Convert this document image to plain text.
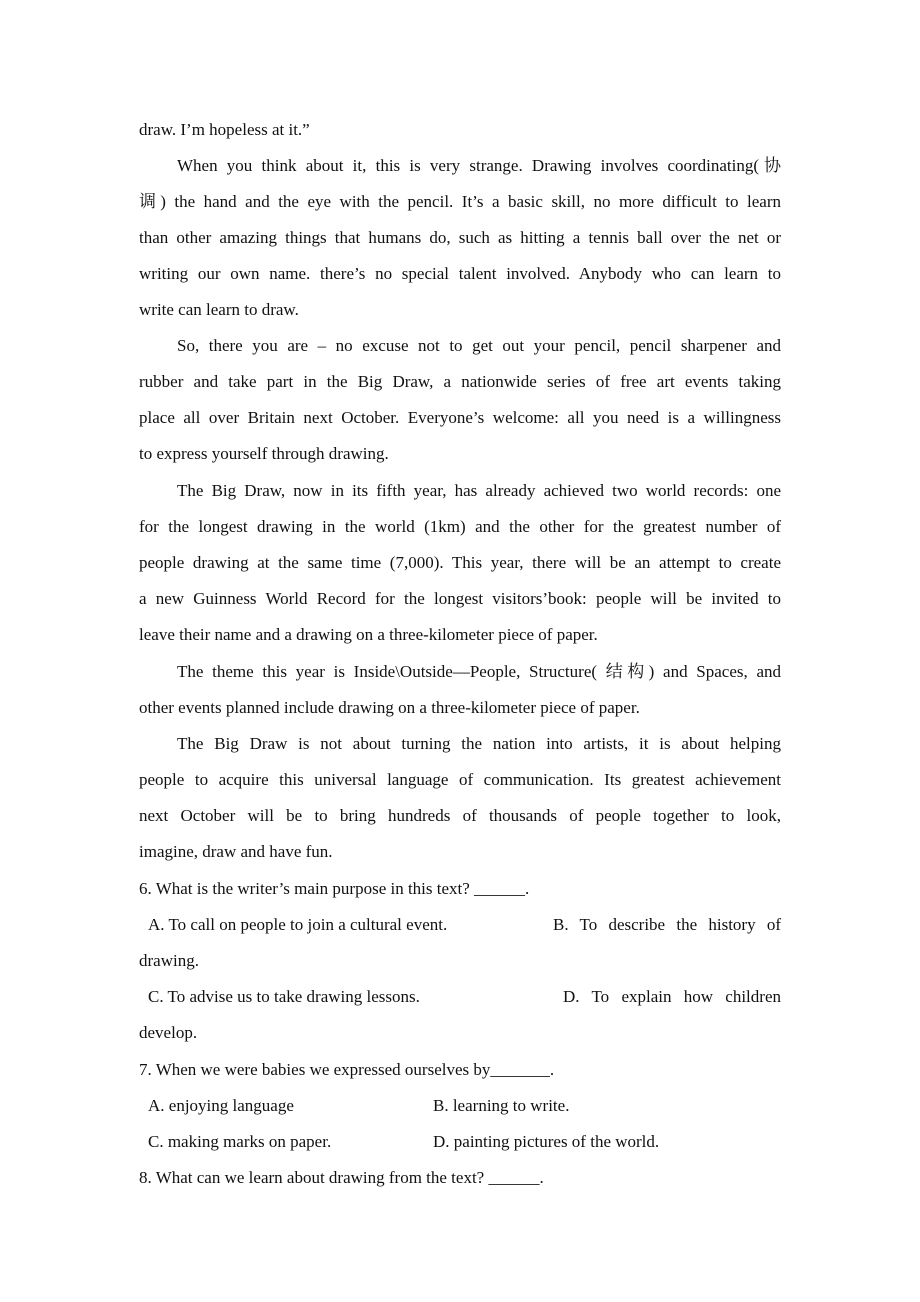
draw. I’m hopeless at it.”
When you think about it, this is very strange. Drawing involves coordinating(协
调) the hand and the eye with the pencil. It’s a basic skill, no more difficult to learn
than other amazing things that humans do, such as hitting a tennis ball over the net or
writing our own name. there’s no special talent involved. Anybody who can learn to
write can learn to draw.
So, there you are – no excuse not to get out your pencil, pencil sharpener and
rubber and take part in the Big Draw, a nationwide series of free art events taking
place all over Britain next October. Everyone’s welcome: all you need is a willingness
to express yourself through drawing.
The Big Draw, now in its fifth year, has already achieved two world records: one
for the longest drawing in the world (1km) and the other for the greatest number of
people drawing at the same time (7,000). This year, there will be an attempt to create
a new Guinness World Record for the longest visitors’book: people will be invited to
leave their name and a drawing on a three-kilometer piece of paper.
The theme this year is Inside\Outside—People, Structure( 结构) and Spaces, and
other events planned include drawing on a three-kilometer piece of paper.
The Big Draw is not about turning the nation into artists, it is about helping
people to acquire this universal language of communication. Its greatest achievement
next October will be to bring hundreds of thousands of people together to look,
imagine, draw and have fun.
6. What is the writer’s main purpose in this text? ______.
A. To call on people to join a cultural event.	B. To describe the history of
drawing.
C. To advise us to take drawing lessons.	D. To explain how children
develop.
7. When we were babies we expressed ourselves by_______.
A. enjoying language	B. learning to write.
C. making marks on paper.	D. painting pictures of the world.
8. What can we learn about drawing from the text? ______.
